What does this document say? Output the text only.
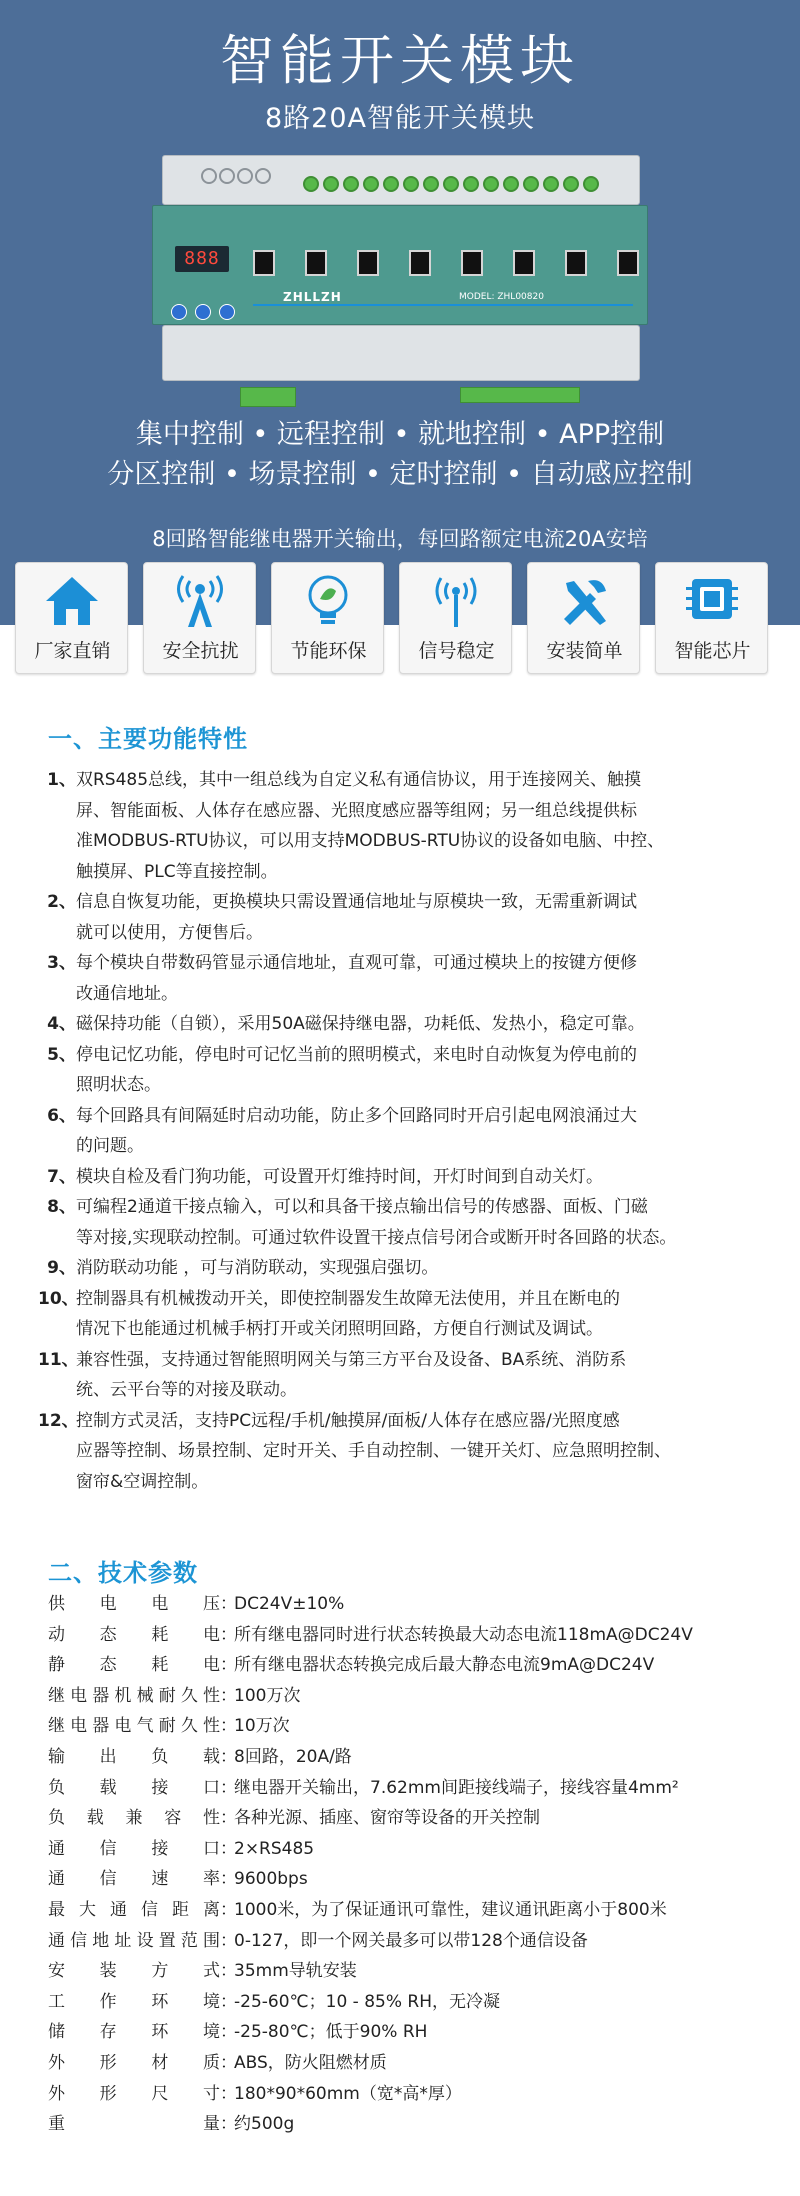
智能开关模块
8路20A智能开关模块
888
ZHLLZH	MODEL: ZHL00820
集中控制 • 远程控制 • 就地控制 • APP控制
分区控制 • 场景控制 • 定时控制 • 自动感应控制
8回路智能继电器开关输出，每回路额定电流20A安培
厂家直销	安全抗扰	节能环保	信号稳定	安装简单	智能芯片
一、主要功能特性
1、 双RS485总线，其中一组总线为自定义私有通信协议，用于连接网关、触摸
屏、智能面板、人体存在感应器、光照度感应器等组网；另一组总线提供标
准MODBUS-RTU协议，可以用支持MODBUS-RTU协议的设备如电脑、中控、
触摸屏、PLC等直接控制。
2、 信息自恢复功能，更换模块只需设置通信地址与原模块一致，无需重新调试
就可以使用，方便售后。
3、 每个模块自带数码管显示通信地址，直观可靠，可通过模块上的按键方便修
改通信地址。
4、 磁保持功能（自锁），采用50A磁保持继电器，功耗低、发热小，稳定可靠。
5、 停电记忆功能，停电时可记忆当前的照明模式，来电时自动恢复为停电前的
照明状态。
6、 每个回路具有间隔延时启动功能，防止多个回路同时开启引起电网浪涌过大
的问题。
7、 模块自检及看门狗功能，可设置开灯维持时间，开灯时间到自动关灯。
8、 可编程2通道干接点输入，可以和具备干接点输出信号的传感器、面板、门磁
等对接,实现联动控制。可通过软件设置干接点信号闭合或断开时各回路的状态。
9、 消防联动功能 ，可与消防联动，实现强启强切。
10、
控制器具有机械拨动开关，即使控制器发生故障无法使用，并且在断电的
情况下也能通过机械手柄打开或关闭照明回路，方便自行测试及调试。
11、
兼容性强，支持通过智能照明网关与第三方平台及设备、BA系统、消防系
统、云平台等的对接及联动。
12、
控制方式灵活，支持PC远程/手机/触摸屏/面板/人体存在感应器/光照度感
应器等控制、场景控制、定时开关、手自动控制、一键开关灯、应急照明控制、
窗帘&空调控制。
二、技术参数
供电电压 ：
DC24V±10%
动态耗电 ：
所有继电器同时进行状态转换最大动态电流118mA@DC24V
静态耗电 ：
所有继电器状态转换完成后最大静态电流9mA@DC24V
继电器机械耐久性 ：
100万次
继电器电气耐久性 ：
10万次
输出负载 ：
8回路，20A/路
负载接口 ：
继电器开关输出，7.62mm间距接线端子，接线容量4mm²
负载兼容性 ：
各种光源、插座、窗帘等设备的开关控制
通信接口 ：
2×RS485
通信速率 ：
9600bps
最大通信距离 ：
1000米，为了保证通讯可靠性，建议通讯距离小于800米
通信地址设置范围 ：
0-127，即一个网关最多可以带128个通信设备
安装方式 ：
35mm导轨安装
工作环境 ：
-25-60℃；10 - 85% RH，无冷凝
储存环境 ：
-25-80℃；低于90% RH
外形材质 ：
ABS，防火阻燃材质
外形尺寸 ：
180*90*60mm（宽*高*厚）
重量 ：
约500g
